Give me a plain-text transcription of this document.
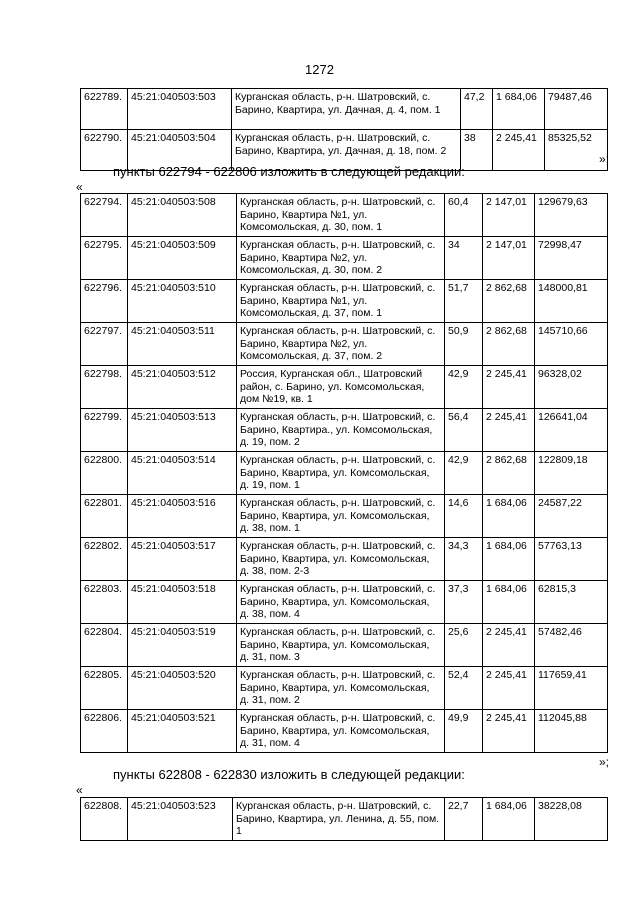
1272
622789.	45:21:040503:503	Курганская область, р-н. Шатровский, с. Барино, Квартира, ул. Дачная, д. 4, пом. 1	47,2	1 684,06	79487,46
622790.	45:21:040503:504	Курганская область, р-н. Шатровский, с. Барино, Квартира, ул. Дачная, д. 18, пом. 2	38	2 245,41	85325,52
»;
пункты 622794 - 622806 изложить в следующей редакции:
«
622794.	45:21:040503:508	Курганская область, р-н. Шатровский, с. Барино, Квартира №1, ул. Комсомольская, д. 30, пом. 1	60,4	2 147,01	129679,63
622795.	45:21:040503:509	Курганская область, р-н. Шатровский, с. Барино, Квартира №2, ул. Комсомольская, д. 30, пом. 2	34	2 147,01	72998,47
622796.	45:21:040503:510	Курганская область, р-н. Шатровский, с. Барино, Квартира №1, ул. Комсомольская, д. 37, пом. 1	51,7	2 862,68	148000,81
622797.	45:21:040503:511	Курганская область, р-н. Шатровский, с. Барино, Квартира №2, ул. Комсомольская, д. 37, пом. 2	50,9	2 862,68	145710,66
622798.	45:21:040503:512	Россия, Курганская обл., Шатровский район, с. Барино, ул. Комсомольская, дом №19, кв. 1	42,9	2 245,41	96328,02
622799.	45:21:040503:513	Курганская область, р-н. Шатровский, с. Барино, Квартира., ул. Комсомольская, д. 19, пом. 2	56,4	2 245,41	126641,04
622800.	45:21:040503:514	Курганская область, р-н. Шатровский, с. Барино, Квартира, ул. Комсомольская, д. 19, пом. 1	42,9	2 862,68	122809,18
622801.	45:21:040503:516	Курганская область, р-н. Шатровский, с. Барино, Квартира, ул. Комсомольская, д. 38, пом. 1	14,6	1 684,06	24587,22
622802.	45:21:040503:517	Курганская область, р-н. Шатровский, с. Барино, Квартира, ул. Комсомольская, д. 38, пом. 2-3	34,3	1 684,06	57763,13
622803.	45:21:040503:518	Курганская область, р-н. Шатровский, с. Барино, Квартира, ул. Комсомольская, д. 38, пом. 4	37,3	1 684,06	62815,3
622804.	45:21:040503:519	Курганская область, р-н. Шатровский, с. Барино, Квартира, ул. Комсомольская, д. 31, пом. 3	25,6	2 245,41	57482,46
622805.	45:21:040503:520	Курганская область, р-н. Шатровский, с. Барино, Квартира, ул. Комсомольская, д. 31, пом. 2	52,4	2 245,41	117659,41
622806.	45:21:040503:521	Курганская область, р-н. Шатровский, с. Барино, Квартира, ул. Комсомольская, д. 31, пом. 4	49,9	2 245,41	112045,88
»;
пункты 622808 - 622830 изложить в следующей редакции:
«
622808.	45:21:040503:523	Курганская область, р-н. Шатровский, с. Барино, Квартира, ул. Ленина, д. 55, пом. 1	22,7	1 684,06	38228,08
